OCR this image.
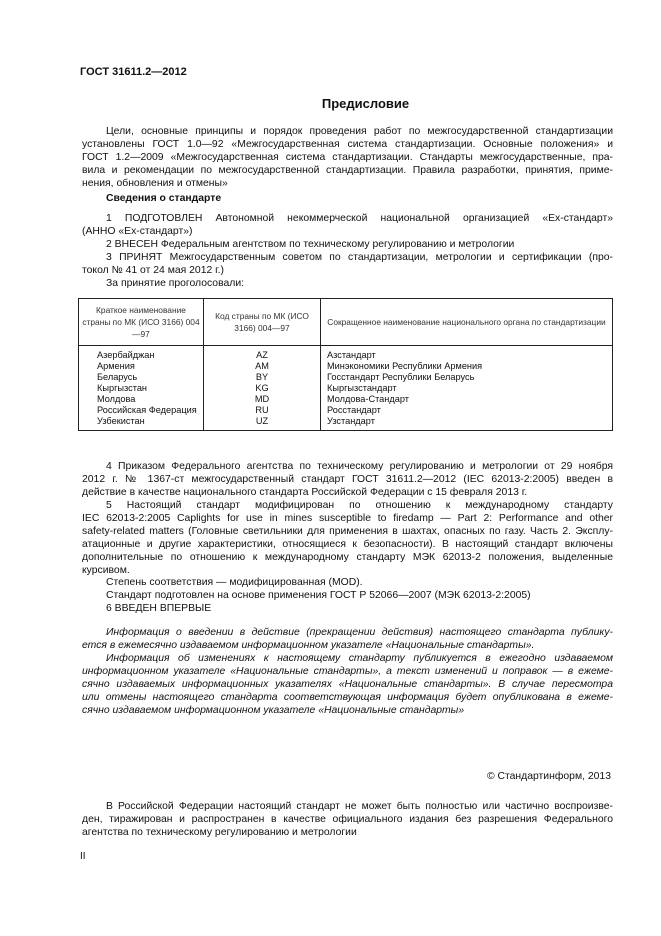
ГОСТ 31611.2—2012
Предисловие
Сведения о стандарте
Цели, основные принципы и порядок проведения работ по межгосударственной стандартизации
установлены ГОСТ 1.0—92 «Межгосударственная система стандартизации. Основные положения» и
ГОСТ 1.2—2009 «Межгосударственная система стандартизации. Стандарты межгосударственные, пра-
вила и рекомендации по межгосударственной стандартизации. Правила разработки, принятия, приме-
нения, обновления и отмены»
1 ПОДГОТОВЛЕН Автономной некоммерческой национальной организацией «Ех-стандарт»
(АННО «Ех-стандарт»)
2 ВНЕСЕН Федеральным агентством по техническому регулированию и метрологии
3 ПРИНЯТ Межгосударственным советом по стандартизации, метрологии и сертификации (про-
токол № 41 от 24 мая 2012 г.)
За принятие проголосовали:
4 Приказом Федерального агентства по техническому регулированию и метрологии от 29 ноября
2012 г. № 1367-ст межгосударственный стандарт ГОСТ 31611.2—2012 (IEC 62013-2:2005) введен в
действие в качестве национального стандарта Российской Федерации с 15 февраля 2013 г.
5 Настоящий стандарт модифицирован по отношению к международному стандарту
IEC 62013-2:2005 Caplights for use in mines susceptible to firedamp — Part 2: Performance and other
safety-related matters (Головные светильники для применения в шахтах, опасных по газу. Часть 2. Эксплу-
атационные и другие характеристики, относящиеся к безопасности). В настоящий стандарт включены
дополнительные по отношению к международному стандарту МЭК 62013-2 положения, выделенные
курсивом.
Степень соответствия — модифицированная (MOD).
Стандарт подготовлен на основе применения ГОСТ Р 52066—2007 (МЭК 62013-2:2005)
6 ВВЕДЕН ВПЕРВЫЕ
Информация о введении в действие (прекращении действия) настоящего стандарта публику-
ется в ежемесячно издаваемом информационном указателе «Национальные стандарты».
Информация об изменениях к настоящему стандарту публикуется в ежегодно издаваемом
информационном указателе «Национальные стандарты», а текст изменений и поправок — в ежеме-
сячно издаваемых информационных указателях «Национальные стандарты». В случае пересмотра
или отмены настоящего стандарта соответствующая информация будет опубликована в ежеме-
сячно издаваемом информационном указателе «Национальные стандарты»
В Российской Федерации настоящий стандарт не может быть полностью или частично воспроизве-
ден, тиражирован и распространен в качестве официального издания без разрешения Федерального
агентства по техническому регулированию и метрологии
Краткое наименование страны по МК (ИСО 3166) 004—97	Код страны по МК (ИСО 3166) 004—97	Сокращенное наименование национального органа по стандартизации
Азербайджан	AZ	Азстандарт
Армения	AM	Минэкономики Республики Армения
Беларусь	BY	Госстандарт Республики Беларусь
Кыргызстан	KG	Кыргызстандарт
Молдова	MD	Молдова-Стандарт
Российская Федерация	RU	Росстандарт
Узбекистан	UZ	Узстандарт
© Стандартинформ, 2013
II
